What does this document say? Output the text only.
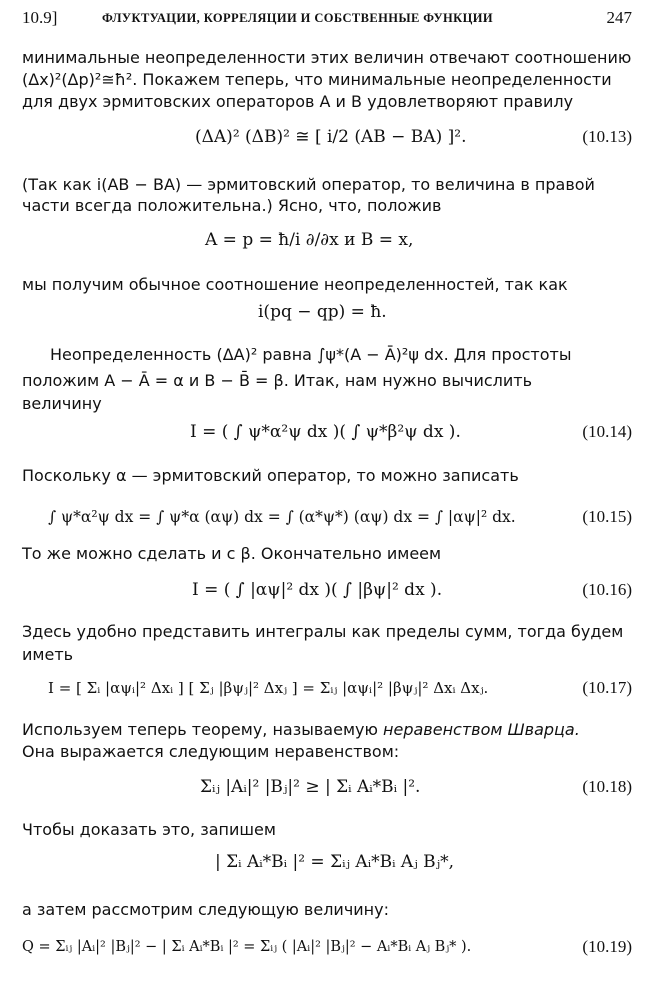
10.9]	ФЛУКТУАЦИИ, КОРРЕЛЯЦИИ И СОБСТВЕННЫЕ ФУНКЦИИ	247
минимальные неопределенности этих величин отвечают соотношению
(Δx)²(Δp)²≅ħ². Покажем теперь, что минимальные неопределенности
для двух эрмитовских операторов A и B удовлетворяют правилу
(ΔA)² (ΔB)² ≅ [ i/2 (AB − BA) ]².	(10.13)
(Так как i(AB − BA) — эрмитовский оператор, то величина в правой
части всегда положительна.) Ясно, что, положив
A = p = ħ/i ∂/∂x и B = x,
мы получим обычное соотношение неопределенностей, так как
i(pq − qp) = ħ.
Неопределенность (ΔA)² равна ∫ψ*(A − Ā)²ψ dx. Для простоты
положим A − Ā = α и B − B̄ = β. Итак, нам нужно вычислить
величину
I = ( ∫ ψ*α²ψ dx )( ∫ ψ*β²ψ dx ).	(10.14)
Поскольку α — эрмитовский оператор, то можно записать
∫ ψ*α²ψ dx = ∫ ψ*α (αψ) dx = ∫ (α*ψ*) (αψ) dx = ∫ |αψ|² dx.	(10.15)
То же можно сделать и с β. Окончательно имеем
I = ( ∫ |αψ|² dx )( ∫ |βψ|² dx ).	(10.16)
Здесь удобно представить интегралы как пределы сумм, тогда будем
иметь
I = [ Σᵢ |αψᵢ|² Δxᵢ ] [ Σⱼ |βψⱼ|² Δxⱼ ] = Σᵢⱼ |αψᵢ|² |βψⱼ|² Δxᵢ Δxⱼ.	(10.17)
Используем теперь теорему, называемую неравенством Шварца.
Она выражается следующим неравенством:
Σᵢⱼ |Aᵢ|² |Bⱼ|² ≥ | Σᵢ Aᵢ*Bᵢ |².	(10.18)
Чтобы доказать это, запишем
| Σᵢ Aᵢ*Bᵢ |² = Σᵢⱼ Aᵢ*Bᵢ Aⱼ Bⱼ*,
а затем рассмотрим следующую величину:
Q = Σᵢⱼ |Aᵢ|² |Bⱼ|² − | Σᵢ Aᵢ*Bᵢ |² = Σᵢⱼ ( |Aᵢ|² |Bⱼ|² − Aᵢ*Bᵢ Aⱼ Bⱼ* ).	(10.19)
